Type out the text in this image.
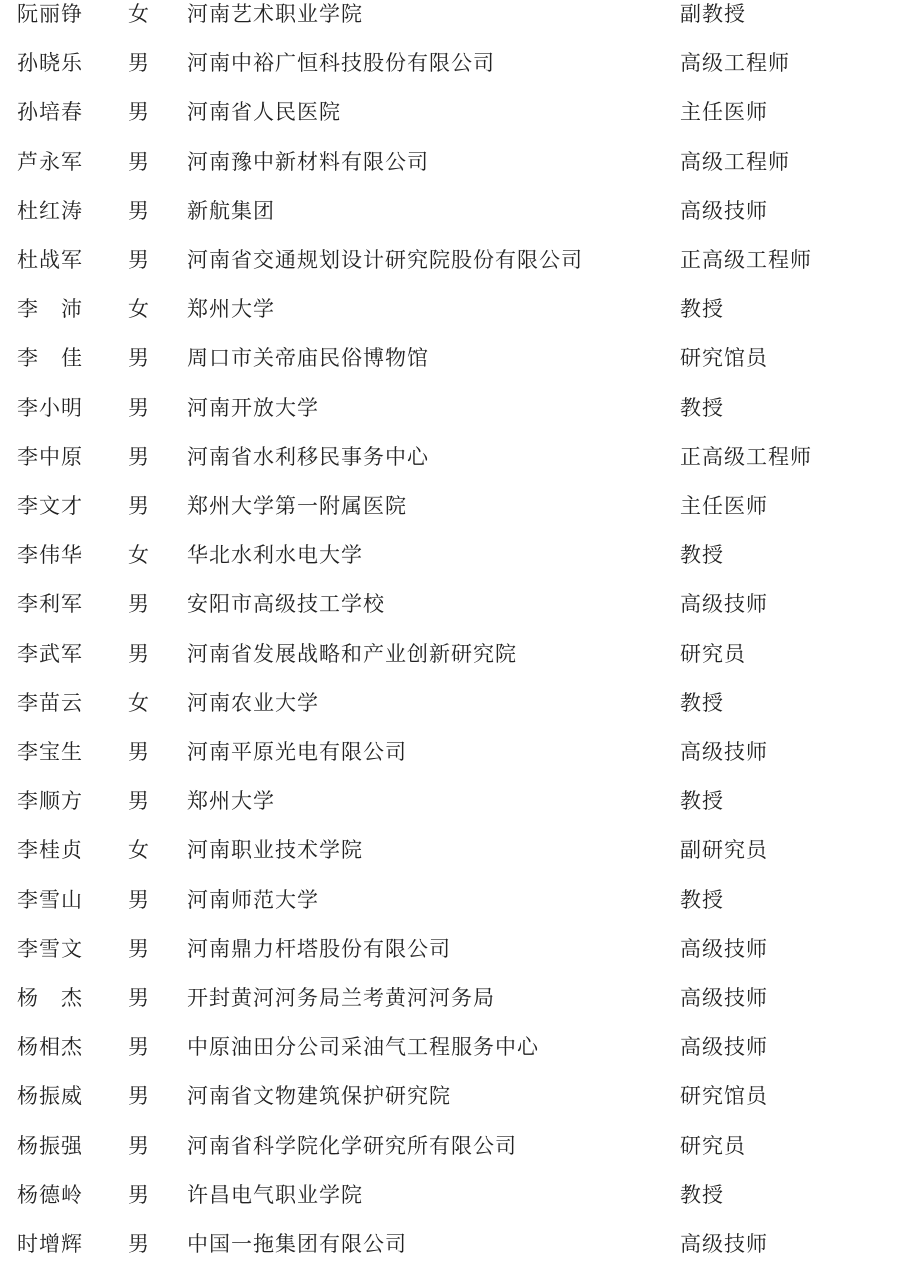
阮丽铮 女 河南艺术职业学院	副教授
孙晓乐 男 河南中裕广恒科技股份有限公司	高级工程师
孙培春 男 河南省人民医院	主任医师
芦永军 男 河南豫中新材料有限公司	高级工程师
杜红涛 男 新航集团	高级技师
杜战军 男 河南省交通规划设计研究院股份有限公司	正高级工程师
李　沛 女 郑州大学	教授
李　佳 男 周口市关帝庙民俗博物馆	研究馆员
李小明 男 河南开放大学	教授
李中原 男 河南省水利移民事务中心	正高级工程师
李文才 男 郑州大学第一附属医院	主任医师
李伟华 女 华北水利水电大学	教授
李利军 男 安阳市高级技工学校	高级技师
李武军 男 河南省发展战略和产业创新研究院	研究员
李苗云 女 河南农业大学	教授
李宝生 男 河南平原光电有限公司	高级技师
李顺方 男 郑州大学	教授
李桂贞 女 河南职业技术学院	副研究员
李雪山 男 河南师范大学	教授
李雪文 男 河南鼎力杆塔股份有限公司	高级技师
杨　杰 男 开封黄河河务局兰考黄河河务局	高级技师
杨相杰 男 中原油田分公司采油气工程服务中心	高级技师
杨振威 男 河南省文物建筑保护研究院	研究馆员
杨振强 男 河南省科学院化学研究所有限公司	研究员
杨德岭 男 许昌电气职业学院	教授
时增辉 男 中国一拖集团有限公司	高级技师
